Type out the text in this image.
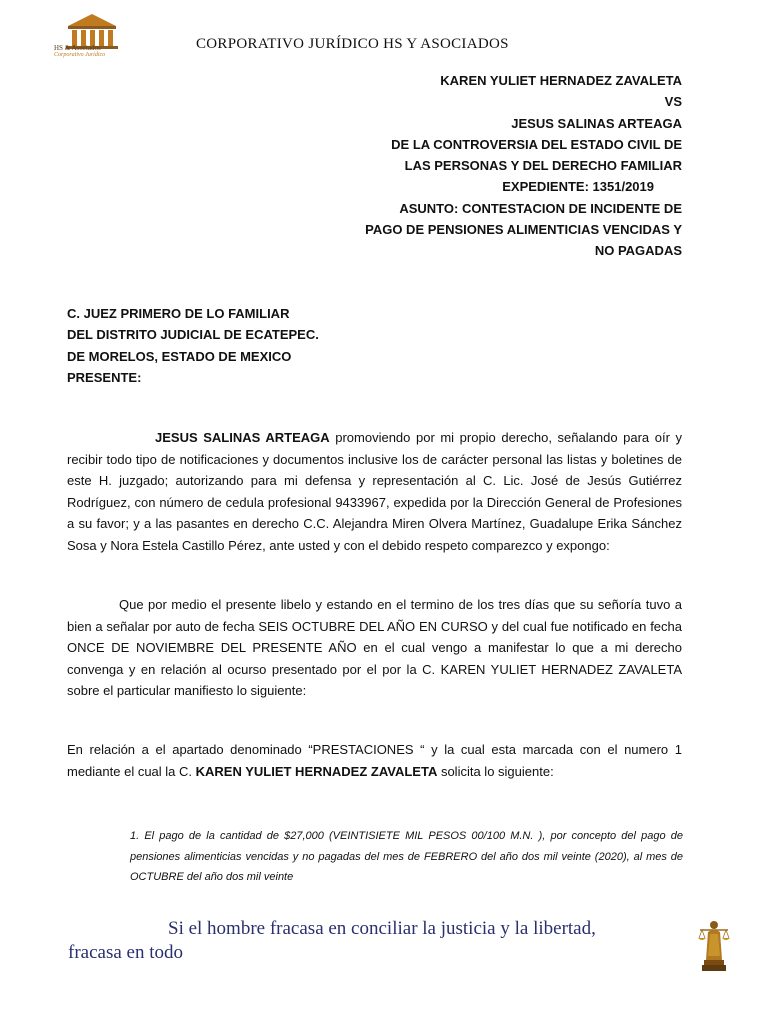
HS & Asociados
Corporativo Jurídico
CORPORATIVO JURÍDICO HS Y ASOCIADOS
KAREN YULIET HERNADEZ ZAVALETA
VS
JESUS SALINAS ARTEAGA
DE LA CONTROVERSIA DEL ESTADO CIVIL DE
LAS PERSONAS Y DEL DERECHO FAMILIAR
EXPEDIENTE: 1351/2019
ASUNTO: CONTESTACION DE INCIDENTE DE
PAGO DE PENSIONES ALIMENTICIAS VENCIDAS Y
NO PAGADAS
C. JUEZ PRIMERO DE LO FAMILIAR
DEL DISTRITO JUDICIAL DE ECATEPEC.
DE MORELOS, ESTADO DE MEXICO
PRESENTE:
JESUS SALINAS ARTEAGA promoviendo por mi propio derecho, señalando para oír y recibir todo tipo de notificaciones y documentos inclusive los de carácter personal las listas y boletines de este H. juzgado; autorizando para mi defensa y representación al C. Lic. José de Jesús Gutiérrez Rodríguez, con número de cedula profesional 9433967, expedida por la Dirección General de Profesiones a su favor; y a las pasantes en derecho C.C. Alejandra Miren Olvera Martínez, Guadalupe Erika Sánchez Sosa y Nora Estela Castillo Pérez, ante usted y con el debido respeto comparezco y expongo:
Que por medio el presente libelo y estando en el termino de los tres días que su señoría tuvo a bien a señalar por auto de fecha SEIS OCTUBRE DEL AÑO EN CURSO y del cual fue notificado en fecha ONCE DE NOVIEMBRE DEL PRESENTE AÑO en el cual vengo a manifestar lo que a mi derecho convenga y en relación al ocurso presentado por el por la C. KAREN YULIET HERNADEZ ZAVALETA sobre el particular manifiesto lo siguiente:
En relación a el apartado denominado “PRESTACIONES “ y la cual esta marcada con el numero 1 mediante el cual la C. KAREN YULIET HERNADEZ ZAVALETA solicita lo siguiente:
1. El pago de la cantidad de $27,000 (VEINTISIETE MIL PESOS 00/100 M.N. ), por concepto del pago de pensiones alimenticias vencidas y no pagadas del mes de FEBRERO del año dos mil veinte (2020), al mes de OCTUBRE del año dos mil veinte
Si el hombre fracasa en conciliar la justicia y la libertad,
fracasa en todo
